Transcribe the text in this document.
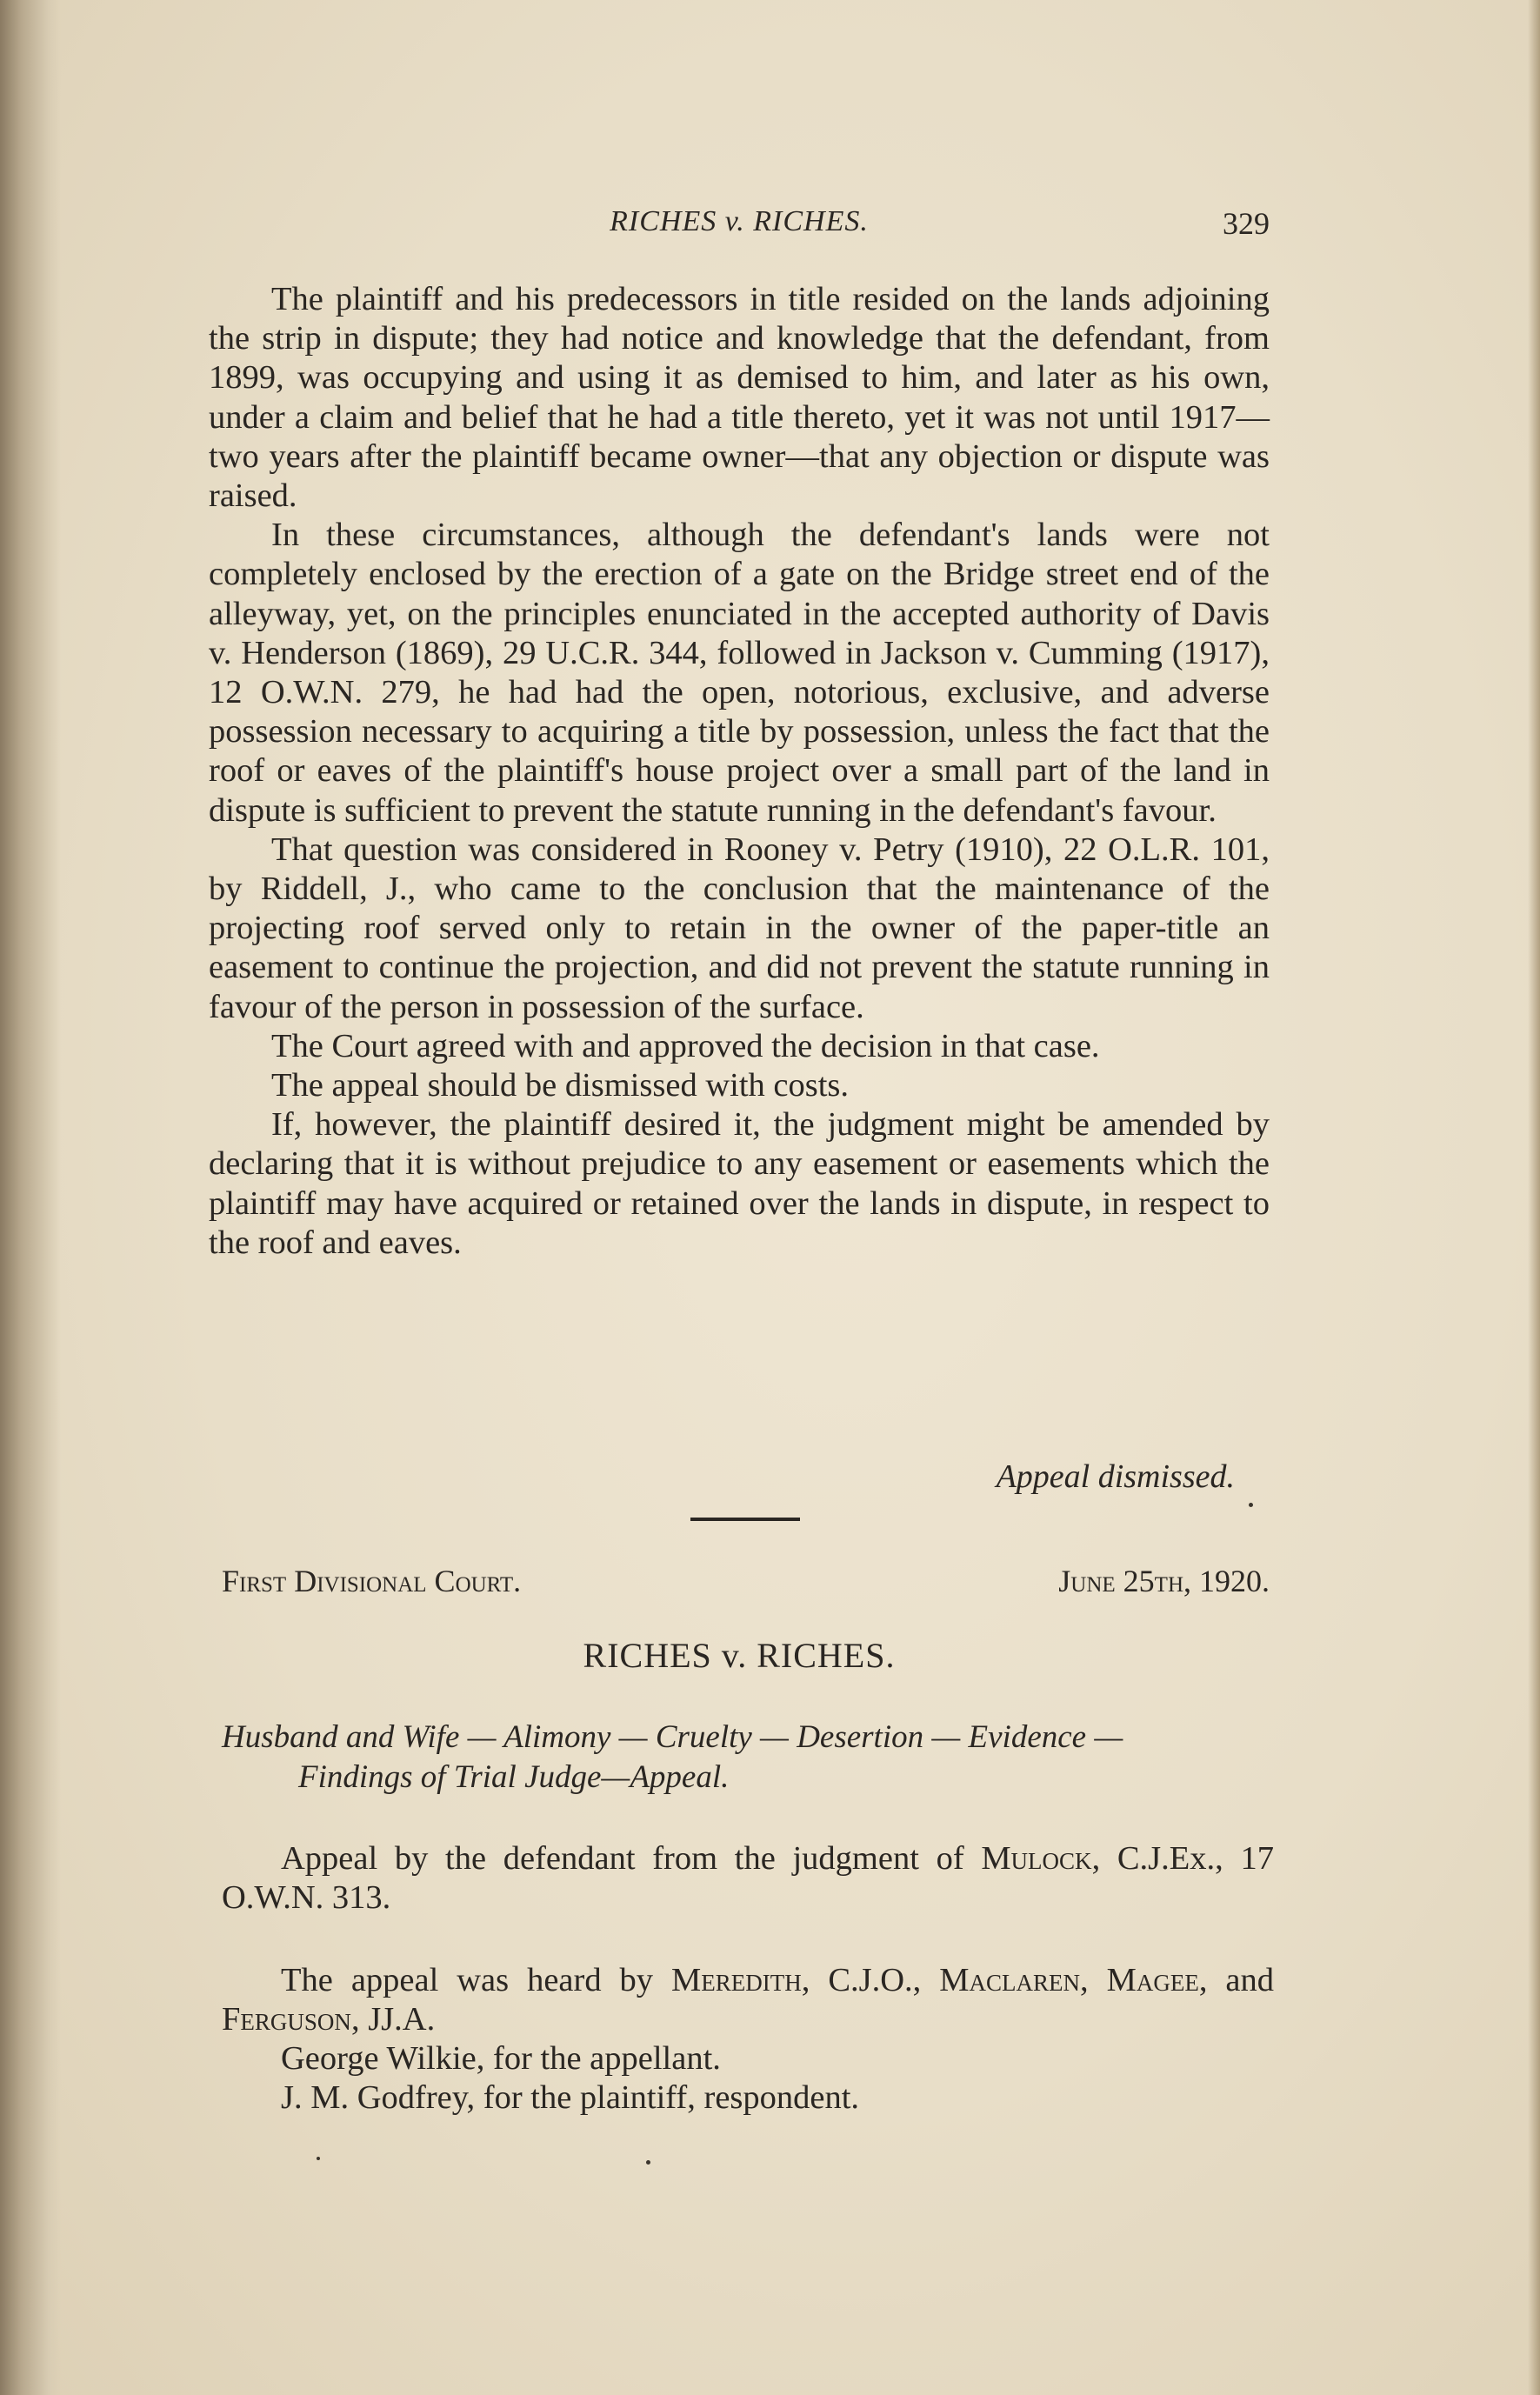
RICHES v. RICHES.	329

The plaintiff and his predecessors in title resided on the lands adjoining the strip in dispute; they had notice and knowledge that the defendant, from 1899, was occupying and using it as demised to him, and later as his own, under a claim and belief that he had a title thereto, yet it was not until 1917—two years after the plaintiff became owner—that any objection or dispute was raised.

In these circumstances, although the defendant's lands were not completely enclosed by the erection of a gate on the Bridge street end of the alleyway, yet, on the principles enunciated in the accepted authority of Davis v. Henderson (1869), 29 U.C.R. 344, followed in Jackson v. Cumming (1917), 12 O.W.N. 279, he had had the open, notorious, exclusive, and adverse possession necessary to acquiring a title by possession, unless the fact that the roof or eaves of the plaintiff's house project over a small part of the land in dispute is sufficient to prevent the statute running in the defendant's favour.

That question was considered in Rooney v. Petry (1910), 22 O.L.R. 101, by Riddell, J., who came to the conclusion that the maintenance of the projecting roof served only to retain in the owner of the paper-title an easement to continue the projection, and did not prevent the statute running in favour of the person in possession of the surface.

The Court agreed with and approved the decision in that case.

The appeal should be dismissed with costs.

If, however, the plaintiff desired it, the judgment might be amended by declaring that it is without prejudice to any easement or easements which the plaintiff may have acquired or retained over the lands in dispute, in respect to the roof and eaves.

Appeal dismissed.
First Divisional Court.	June 25th, 1920.
RICHES v. RICHES.
Husband and Wife — Alimony — Cruelty — Desertion — Evidence —
Findings of Trial Judge—Appeal.

Appeal by the defendant from the judgment of Mulock, C.J.Ex., 17 O.W.N. 313.

The appeal was heard by Meredith, C.J.O., Maclaren, Magee, and Ferguson, JJ.A.

George Wilkie, for the appellant.

J. M. Godfrey, for the plaintiff, respondent.
